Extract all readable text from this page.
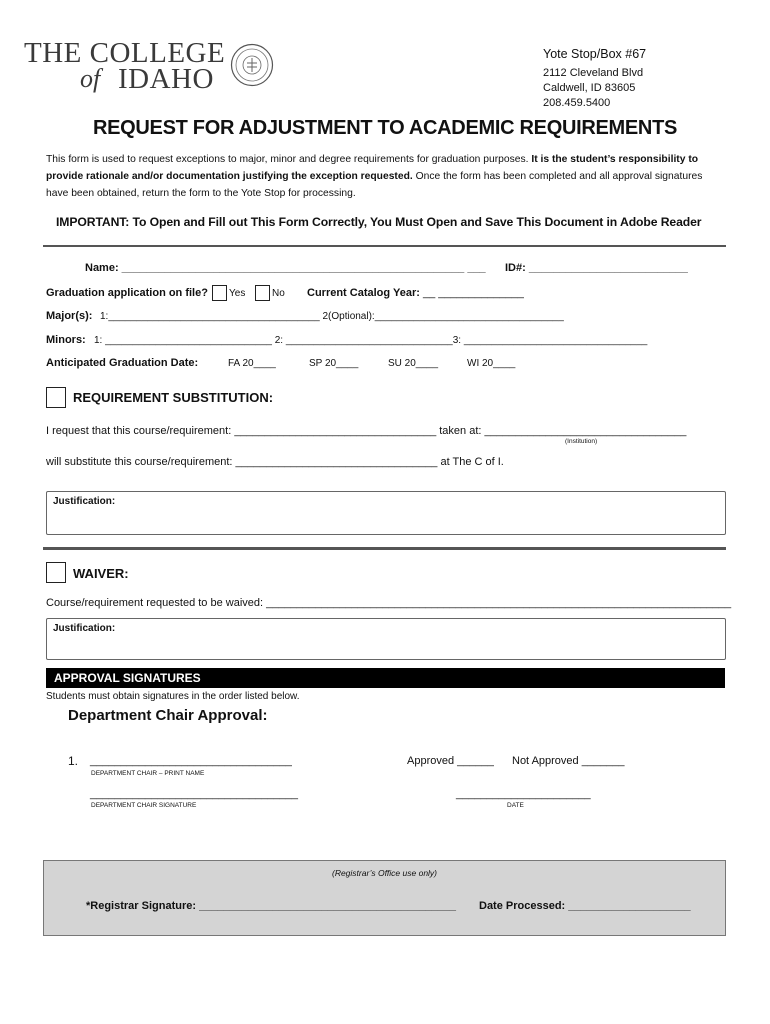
THE COLLEGE
of IDAHO
Yote Stop/Box #67
2112 Cleveland Blvd
Caldwell, ID 83605
208.459.5400
REQUEST FOR ADJUSTMENT TO ACADEMIC REQUIREMENTS
This form is used to request exceptions to major, minor and degree requirements for graduation purposes. It is the student’s responsibility to provide rationale and/or documentation justifying the exception requested. Once the form has been completed and all approval signatures have been obtained, return the form to the Yote Stop for processing.
IMPORTANT: To Open and Fill out This Form Correctly, You Must Open and Save This Document in Adobe Reader
Name: ________________________________________________________ ___ ID#: __________________________
Graduation application on file? Yes	No Current Catalog Year: __ ______________
Major(s): 1:______________________________________ 2(Optional):__________________________________
Minors: 1: ______________________________ 2: ______________________________3: _________________________________
Anticipated Graduation Date:	FA 20____	SP 20____	SU 20____	WI 20____
REQUIREMENT SUBSTITUTION:
I request that this course/requirement: _________________________________ taken at: _________________________________
(Institution)
will substitute this course/requirement: _________________________________ at The C of I.
Justification:
WAIVER:
Course/requirement requested to be waived: ____________________________________________________________________________
Justification:
APPROVAL SIGNATURES
Students must obtain signatures in the order listed below.
Department Chair Approval:
1. _________________________________
DEPARTMENT CHAIR – PRINT NAME
Approved ______ Not Approved _______
__________________________________
DEPARTMENT CHAIR SIGNATURE
______________________
DATE
(Registrar’s Office use only)
*Registrar Signature: __________________________________________ Date Processed: ____________________
